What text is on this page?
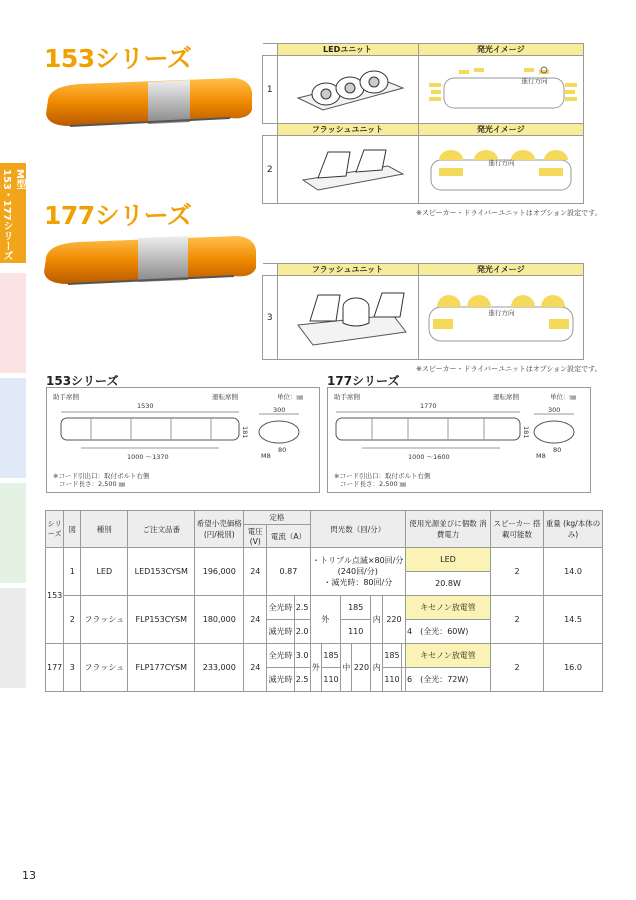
M型
153・177シリーズ
153シリーズ
177シリーズ
	LEDユニット	発光イメージ
1		進行方向

	フラッシュユニット	発光イメージ
2		進行方向
※スピーカー・ドライバーユニットはオプション設定です。
	フラッシュユニット	発光イメージ
3		進行方向
※スピーカー・ドライバーユニットはオプション設定です。
153シリーズ
助手席側	運転席側	単位：㎜
1530
181
300
1000 ～1370	M8
80
※コード引出口：取付ボルト右側
コード長さ：2,500 ㎜
177シリーズ
助手席側	運転席側	単位：㎜
1770
181
300
1000 ～1600	M8
80
※コード引出口：取付ボルト右側
コード長さ：2,500 ㎜
シリーズ	図	種別	ご注文品番	希望小売価格 (円/税別)	定格			閃光数（回/分）							使用光源並びに個数 消費電力	スピーカー 搭載可能数	重量 (kg/本体のみ)
					電圧(V)	電流（A）											
153	1	LED	LED153CYSM	196,000	24	0.87		・トリプル点滅×80回/分
(240回/分)
・滅光時：80回/分							LED	2	14.0
															20.8W		
	2	フラッシュ	FLP153CYSM	180,000	24	全光時	2.5	外		185		内	220		キセノン放電管	2	14.5
						滅光時	2.0			110					4　(全光：60W)		
177	3	フラッシュ	FLP177CYSM	233,000	24	全光時	3.0	外	185	中	220	内	185		キセノン放電管	2	16.0
						滅光時	2.5		110				110		6　(全光：72W)		
13
